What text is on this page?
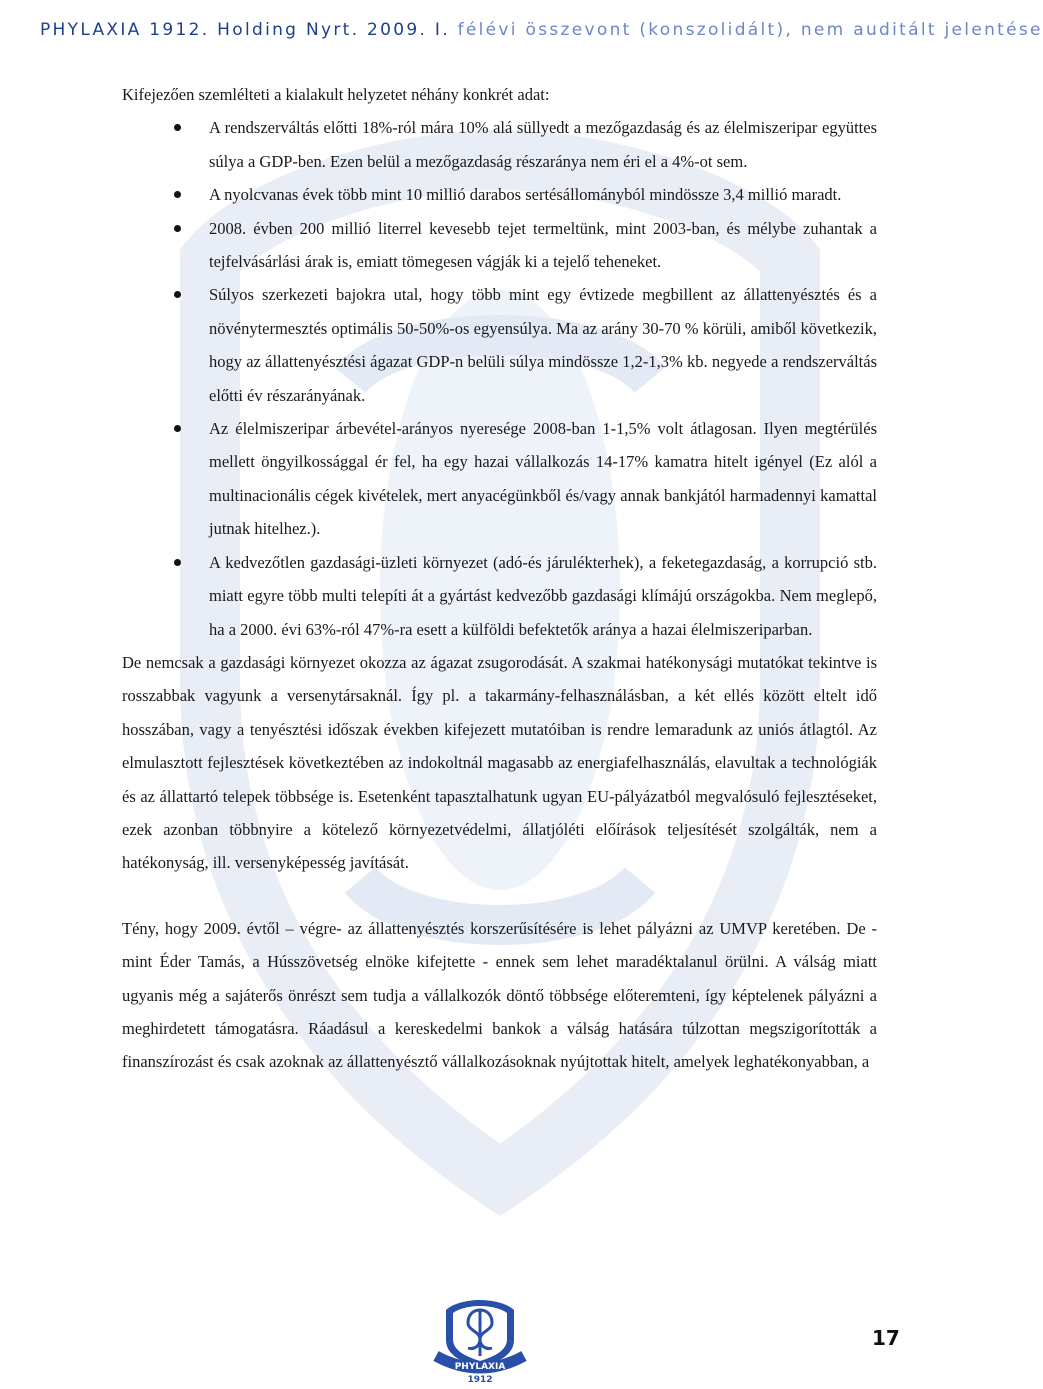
PHYLAXIA 1912. Holding Nyrt. 2009. I. félévi összevont (konszolidált), nem auditált jelentése

Kifejezően szemlélteti a kialakult helyzetet néhány konkrét adat:

A rendszerváltás előtti 18%-ról mára 10% alá süllyedt a mezőgazdaság és az élelmiszeripar együttes súlya a GDP-ben. Ezen belül a mezőgazdaság részaránya nem éri el a 4%-ot sem.
A nyolcvanas évek több mint 10 millió darabos sertésállományból mindössze 3,4 millió maradt.
2008. évben 200 millió literrel kevesebb tejet termeltünk, mint 2003-ban, és mélybe zuhantak a tejfelvásárlási árak is, emiatt tömegesen vágják ki a tejelő teheneket.
Súlyos szerkezeti bajokra utal, hogy több mint egy évtizede megbillent az állattenyésztés és a növénytermesztés optimális 50-50%-os egyensúlya. Ma az arány 30-70 % körüli, amiből következik, hogy az állattenyésztési ágazat GDP-n belüli súlya mindössze 1,2-1,3% kb. negyede a rendszerváltás előtti év részarányának.
Az élelmiszeripar árbevétel-arányos nyeresége 2008-ban 1-1,5% volt átlagosan. Ilyen megtérülés mellett öngyilkossággal ér fel, ha egy hazai vállalkozás 14-17% kamatra hitelt igényel (Ez alól a multinacionális cégek kivételek, mert anyacégünkből és/vagy annak bankjától harmadennyi kamattal jutnak hitelhez.).
A kedvezőtlen gazdasági-üzleti környezet (adó-és járulékterhek), a feketegazdaság, a korrupció stb. miatt egyre több multi telepíti át a gyártást kedvezőbb gazdasági klímájú országokba. Nem meglepő, ha a 2000. évi 63%-ról 47%-ra esett a külföldi befektetők aránya a hazai élelmiszeriparban.

De nemcsak a gazdasági környezet okozza az ágazat zsugorodását. A szakmai hatékonysági mutatókat tekintve is rosszabbak vagyunk a versenytársaknál. Így pl. a takarmány-felhasználásban, a két ellés között eltelt idő hosszában, vagy a tenyésztési időszak években kifejezett mutatóiban is rendre lemaradunk az uniós átlagtól. Az elmulasztott fejlesztések következtében az indokoltnál magasabb az energiafelhasználás, elavultak a technológiák és az állattartó telepek többsége is. Esetenként tapasztalhatunk ugyan EU-pályázatból megvalósuló fejlesztéseket, ezek azonban többnyire a kötelező környezetvédelmi, állatjóléti előírások teljesítését szolgálták, nem a hatékonyság, ill. versenyképesség javítását.

Tény, hogy 2009. évtől – végre- az állattenyésztés korszerűsítésére is lehet pályázni az UMVP keretében. De - mint Éder Tamás, a Hússzövetség elnöke kifejtette - ennek sem lehet maradéktalanul örülni. A válság miatt ugyanis még a sajáterős önrészt sem tudja a vállalkozók döntő többsége előteremteni, így képtelenek pályázni a meghirdetett támogatásra. Ráadásul a kereskedelmi bankok a válság hatására túlzottan megszigorították a finanszírozást és csak azoknak az állattenyésztő vállalkozásoknak nyújtottak hitelt, amelyek leghatékonyabban, a

PHYLAXIA
1912
17
